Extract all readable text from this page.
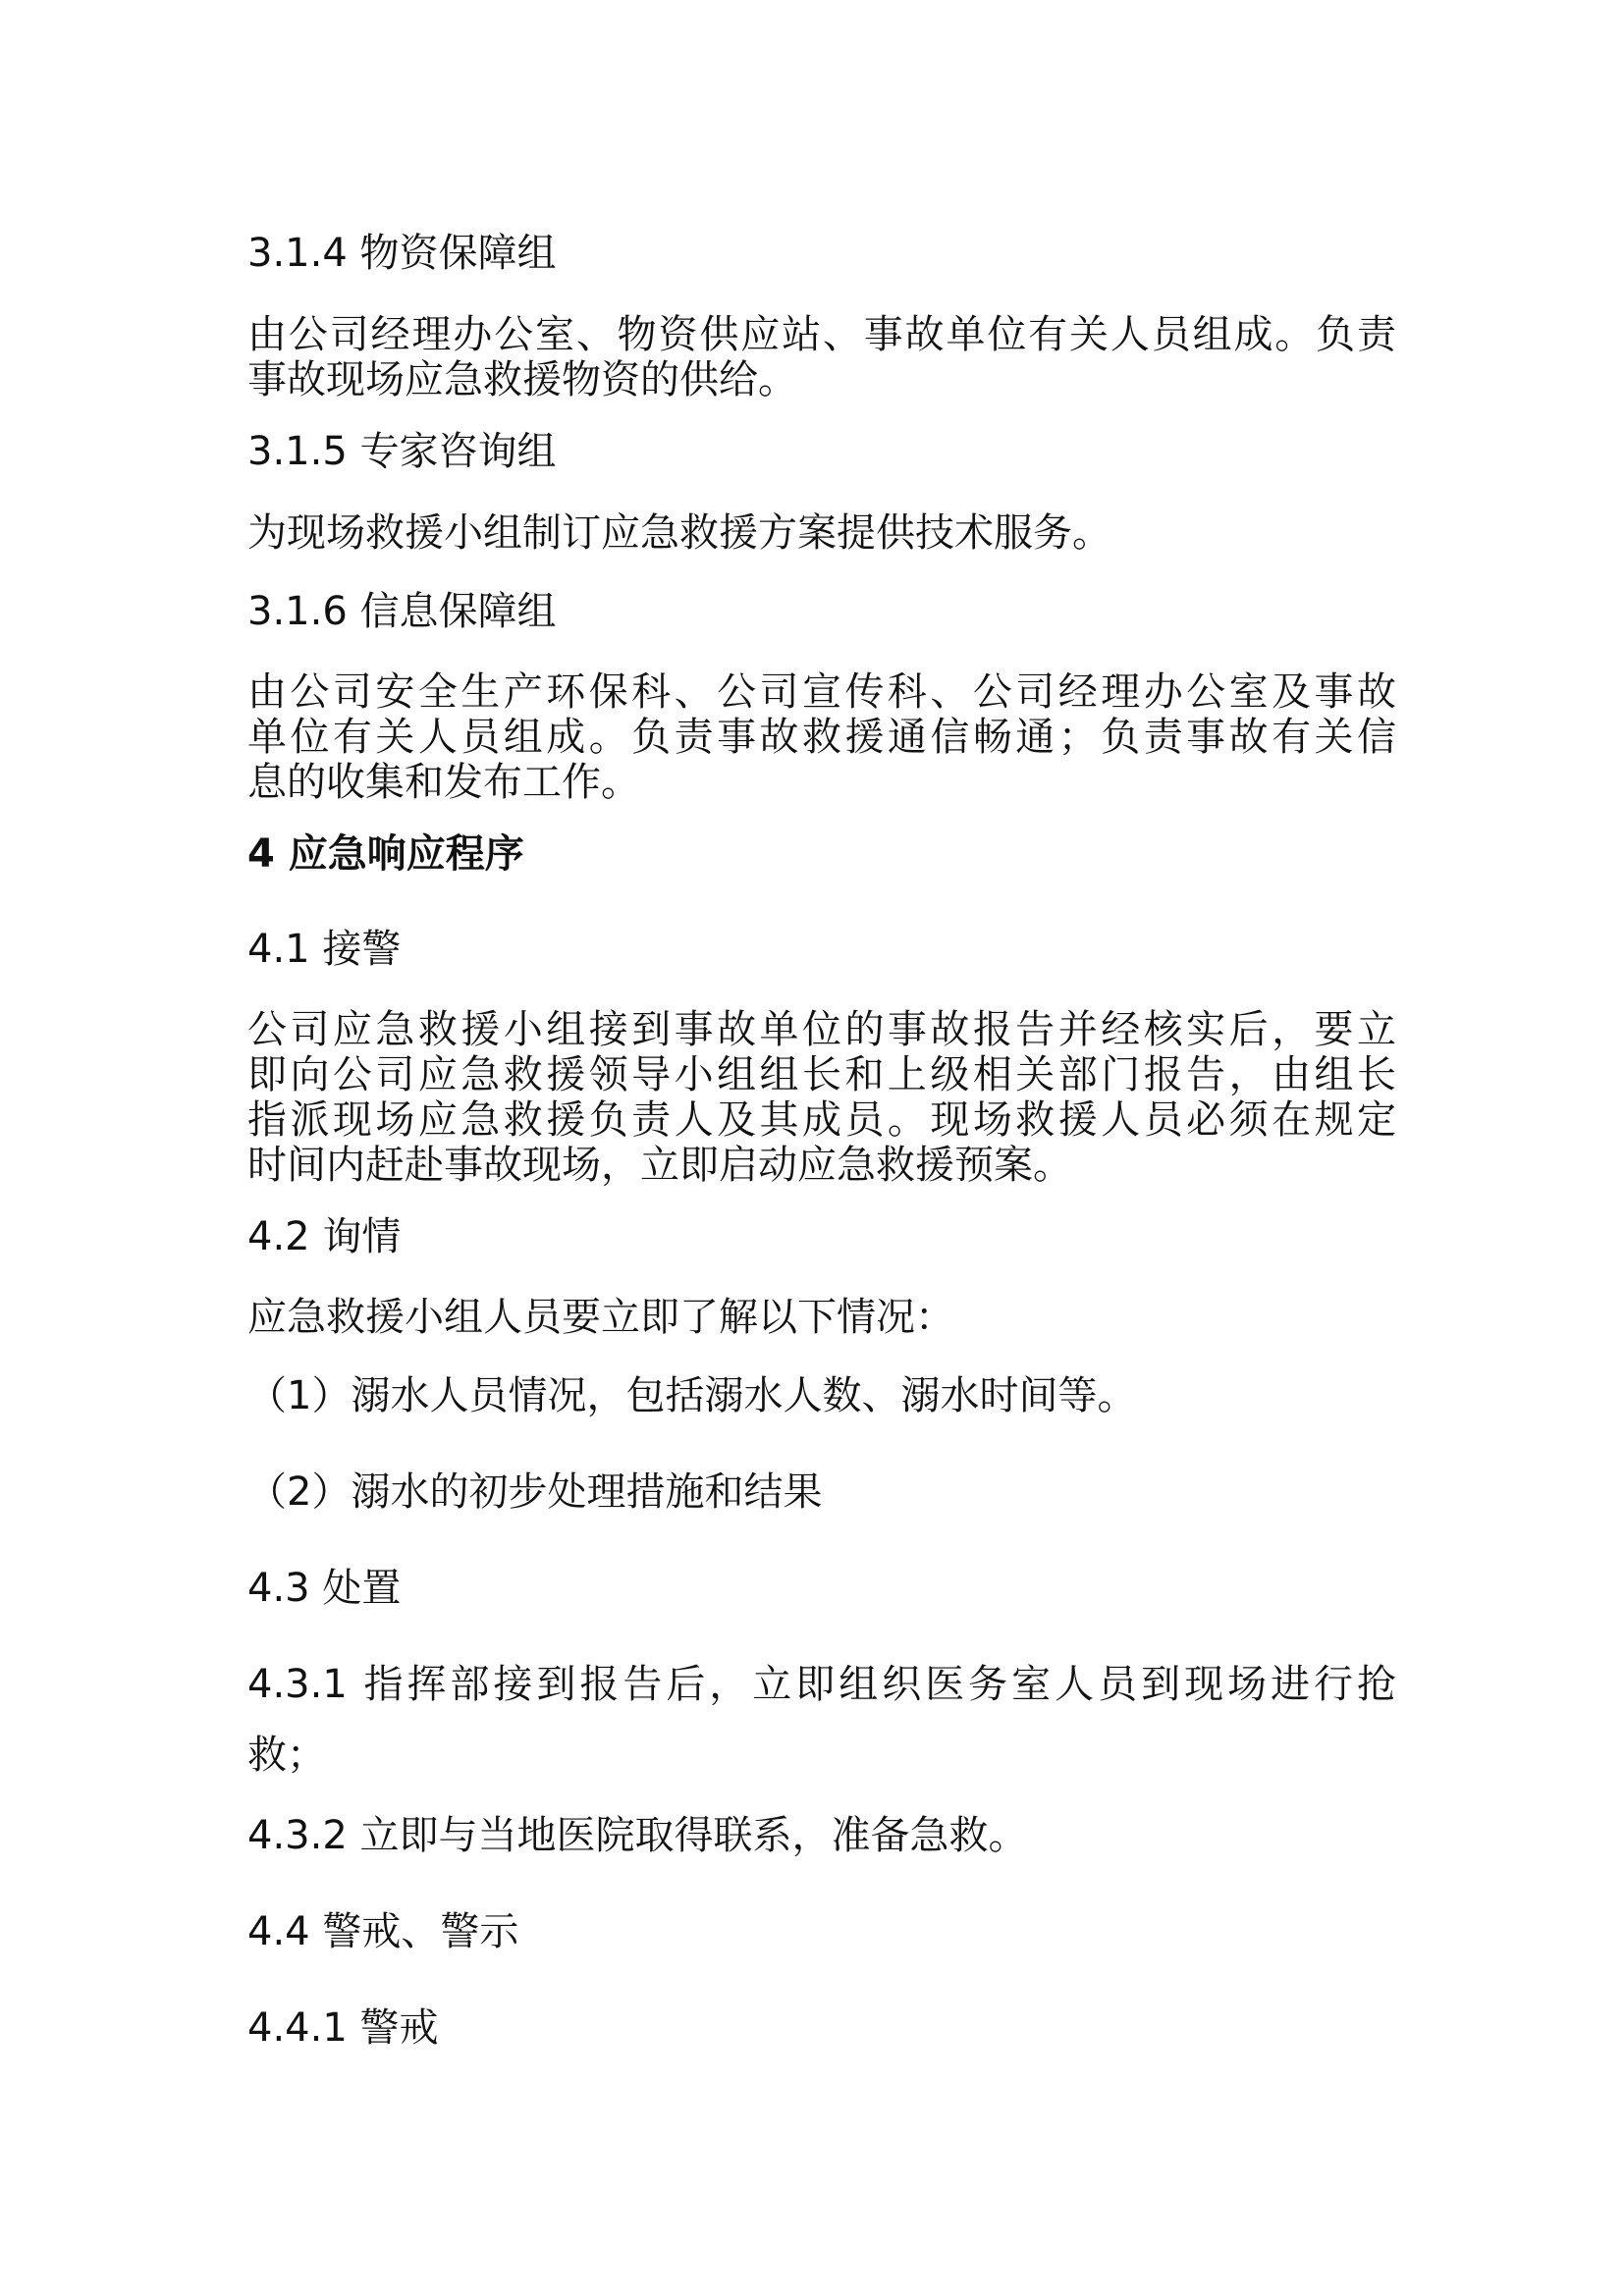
3.1.4 物资保障组

由公司经理办公室、物资供应站、事故单位有关人员组成。负责

事故现场应急救援物资的供给。

3.1.5 专家咨询组

为现场救援小组制订应急救援方案提供技术服务。

3.1.6 信息保障组

由公司安全生产环保科、公司宣传科、公司经理办公室及事故

单位有关人员组成。负责事故救援通信畅通；负责事故有关信

息的收集和发布工作。

4 应急响应程序

4.1 接警

公司应急救援小组接到事故单位的事故报告并经核实后，要立

即向公司应急救援领导小组组长和上级相关部门报告，由组长

指派现场应急救援负责人及其成员。现场救援人员必须在规定

时间内赶赴事故现场，立即启动应急救援预案。

4.2 询情

应急救援小组人员要立即了解以下情况：

（1）溺水人员情况，包括溺水人数、溺水时间等。

（2）溺水的初步处理措施和结果

4.3 处置

4.3.1 指挥部接到报告后，立即组织医务室人员到现场进行抢

救；

4.3.2 立即与当地医院取得联系，准备急救。

4.4 警戒、警示

4.4.1 警戒
